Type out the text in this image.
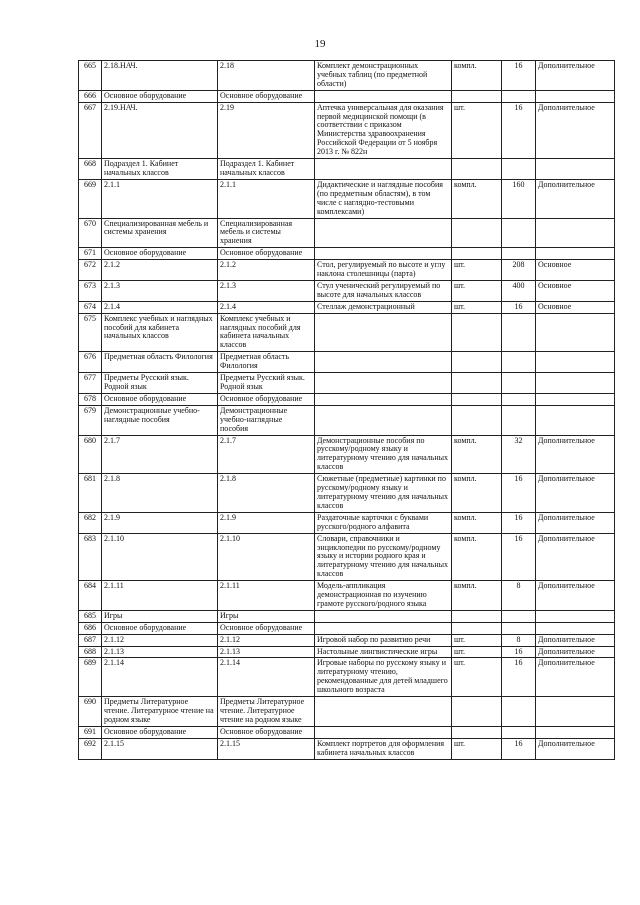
19
665	2.18.НАЧ.	2.18	Комплект демонстрационных учебных таблиц (по предметной области)	компл.	16	Дополнительное
666	Основное оборудование	Основное оборудование				
667	2.19.НАЧ.	2.19	Аптечка универсальная для оказания первой медицинской помощи (в соответствии с приказом Министерства здравоохранения Российской Федерации от 5 ноября 2013 г. № 822н	шт.	16	Дополнительное
668	Подраздел 1. Кабинет начальных классов	Подраздел 1. Кабинет начальных классов				
669	2.1.1	2.1.1	Дидактические и наглядные пособия (по предметным областям), в том числе с наглядно-тестовыми комплексами)	компл.	160	Дополнительное
670	Специализированная мебель и системы хранения	Специализированная мебель и системы хранения				
671	Основное оборудование	Основное оборудование				
672	2.1.2	2.1.2	Стол, регулируемый по высоте и углу наклона столешницы (парта)	шт.	208	Основное
673	2.1.3	2.1.3	Стул ученический регулируемый по высоте для начальных классов	шт.	400	Основное
674	2.1.4	2.1.4	Стеллаж демонстрационный	шт.	16	Основное
675	Комплекс учебных и наглядных пособий для кабинета начальных классов	Комплекс учебных и наглядных пособий для кабинета начальных классов				
676	Предметная область Филология	Предметная область Филология				
677	Предметы Русский язык. Родной язык	Предметы Русский язык. Родной язык				
678	Основное оборудование	Основное оборудование				
679	Демонстрационные учебно-наглядные пособия	Демонстрационные учебно-наглядные пособия				
680	2.1.7	2.1.7	Демонстрационные пособия по русскому/родному языку и литературному чтению для начальных классов	компл.	32	Дополнительное
681	2.1.8	2.1.8	Сюжетные (предметные) картинки по русскому/родному языку и литературному чтению для начальных классов	компл.	16	Дополнительное
682	2.1.9	2.1.9	Раздаточные карточки с буквами русского/родного алфавита	компл.	16	Дополнительное
683	2.1.10	2.1.10	Словари, справочники и энциклопедии по русскому/родному языку и истории родного края и литературному чтению для начальных классов	компл.	16	Дополнительное
684	2.1.11	2.1.11	Модель-аппликация демонстрационная по изучению грамоте русского/родного языка	компл.	8	Дополнительное
685	Игры	Игры				
686	Основное оборудование	Основное оборудование				
687	2.1.12	2.1.12	Игровой набор по развитию речи	шт.	8	Дополнительное
688	2.1.13	2.1.13	Настольные лингвистические игры	шт.	16	Дополнительное
689	2.1.14	2.1.14	Игровые наборы по русскому языку и литературному чтению, рекомендованные для детей младшего школьного возраста	шт.	16	Дополнительное
690	Предметы Литературное чтение. Литературное чтение на родном языке	Предметы Литературное чтение. Литературное чтение на родном языке				
691	Основное оборудование	Основное оборудование				
692	2.1.15	2.1.15	Комплект портретов для оформления кабинета начальных классов	шт.	16	Дополнительное
